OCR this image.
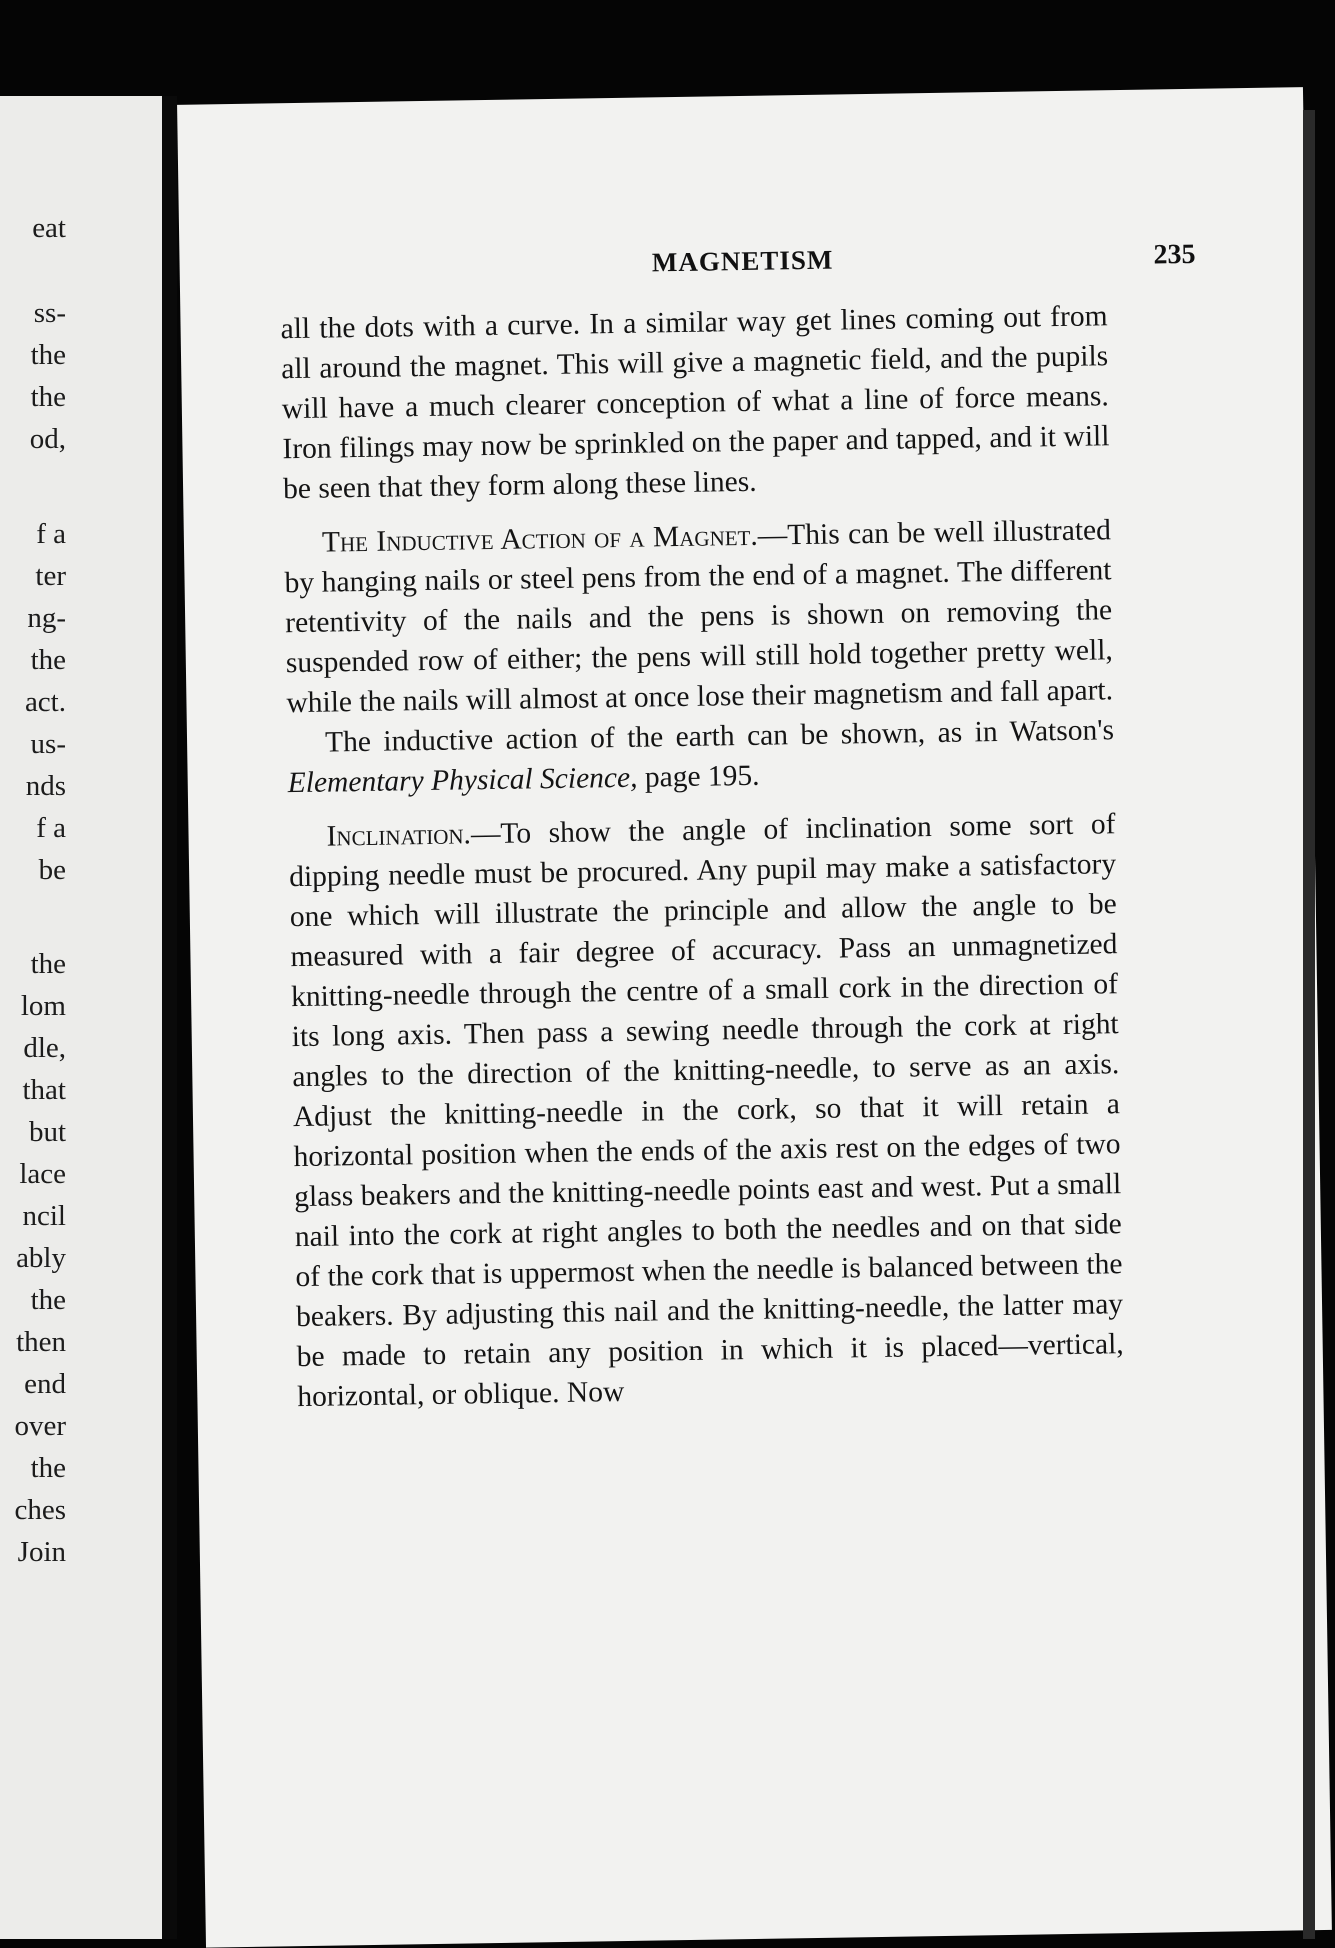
eat
ss-
the
the
od,
f a
ter
ng-
the
act.
us-
nds
f a
be
the
lom
dle,
that
but
lace
ncil
ably
the
then
end
over
the
ches
Join
MAGNETISM	235

all the dots with a curve. In a similar way get lines coming out from all around the magnet. This will give a magnetic field, and the pupils will have a much clearer conception of what a line of force means. Iron filings may now be sprinkled on the paper and tapped, and it will be seen that they form along these lines.

The Inductive Action of a Magnet.—This can be well illustrated by hanging nails or steel pens from the end of a magnet. The different retentivity of the nails and the pens is shown on removing the suspended row of either; the pens will still hold together pretty well, while the nails will almost at once lose their magnetism and fall apart.

The inductive action of the earth can be shown, as in Watson's Elementary Physical Science, page 195.

Inclination.—To show the angle of inclination some sort of dipping needle must be procured. Any pupil may make a satisfactory one which will illustrate the principle and allow the angle to be measured with a fair degree of accuracy. Pass an unmagnetized knitting-needle through the centre of a small cork in the direction of its long axis. Then pass a sewing needle through the cork at right angles to the direction of the knitting-needle, to serve as an axis. Adjust the knitting-needle in the cork, so that it will retain a horizontal position when the ends of the axis rest on the edges of two glass beakers and the knitting-needle points east and west. Put a small nail into the cork at right angles to both the needles and on that side of the cork that is uppermost when the needle is balanced between the beakers. By adjusting this nail and the knitting-needle, the latter may be made to retain any position in which it is placed—vertical, horizontal, or oblique. Now
